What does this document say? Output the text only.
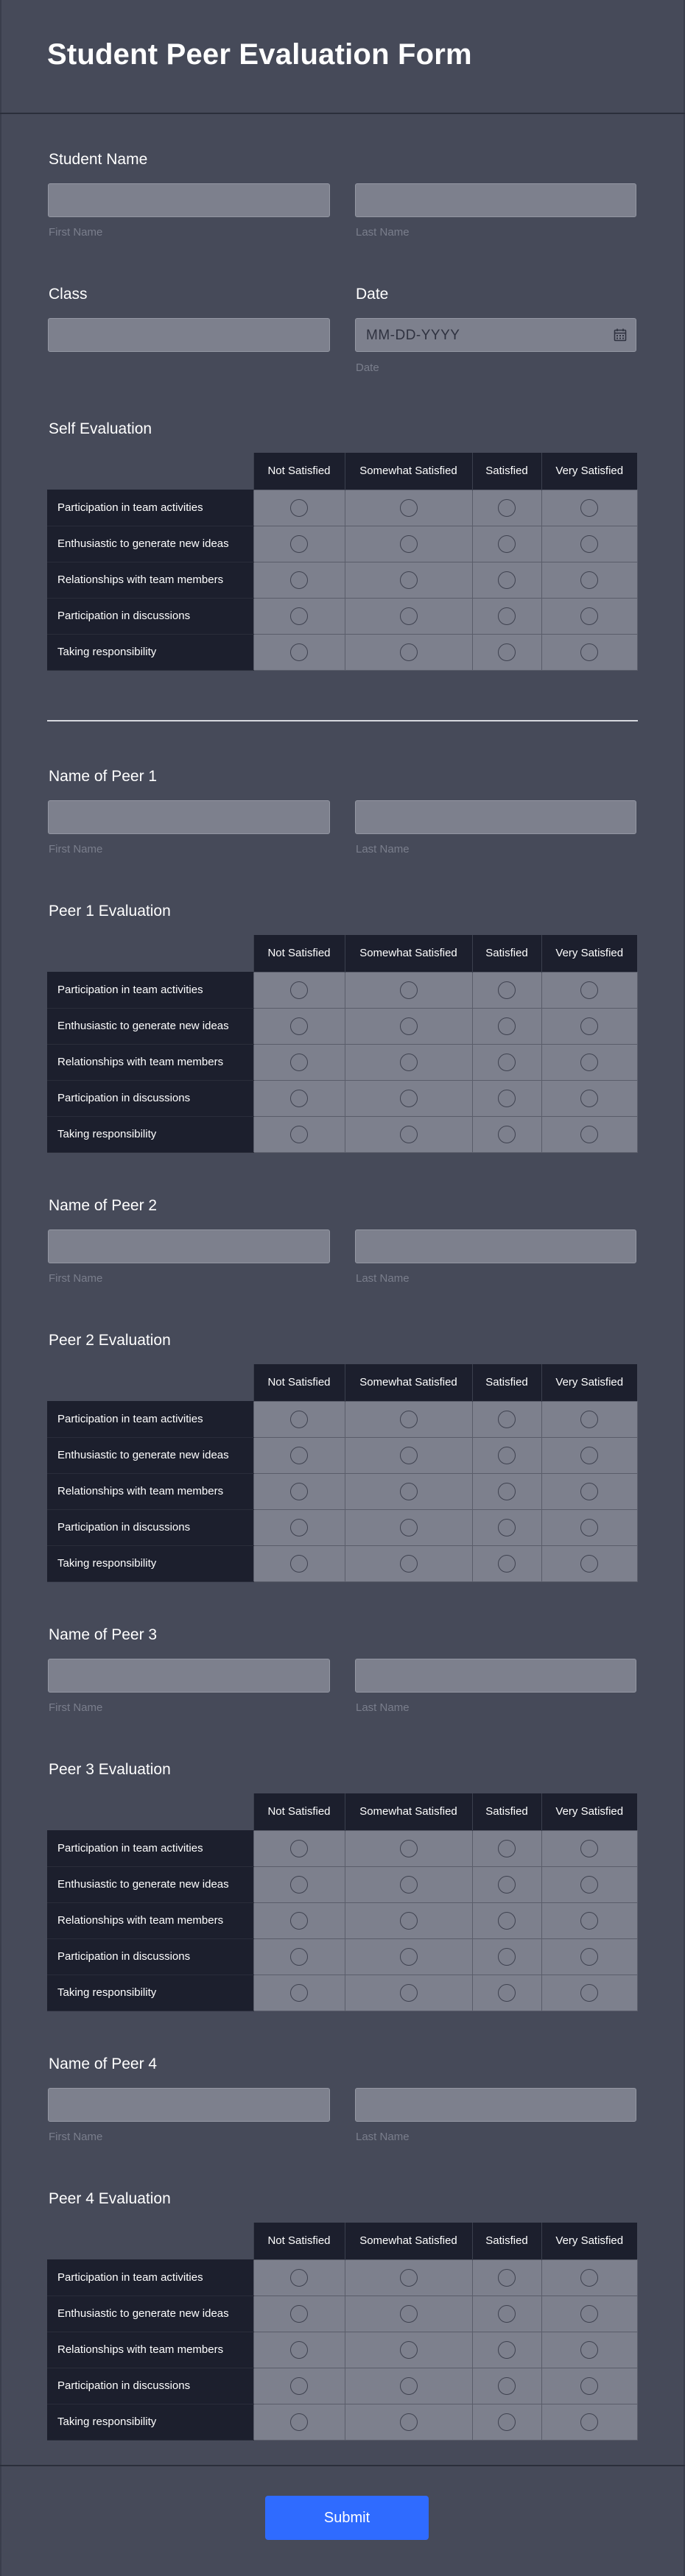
Student Peer Evaluation Form
Student Name
First Name	Last Name
Class	Date
MM-DD-YYYY
Date
Self Evaluation
	Not Satisfied	Somewhat Satisfied	Satisfied	Very Satisfied
Participation in team activities				
Enthusiastic to generate new ideas				
Relationships with team members				
Participation in discussions				
Taking responsibility				
Name of Peer 1
First Name	Last Name
Peer 1 Evaluation
	Not Satisfied	Somewhat Satisfied	Satisfied	Very Satisfied
Participation in team activities				
Enthusiastic to generate new ideas				
Relationships with team members				
Participation in discussions				
Taking responsibility				
Name of Peer 2
First Name	Last Name
Peer 2 Evaluation
	Not Satisfied	Somewhat Satisfied	Satisfied	Very Satisfied
Participation in team activities				
Enthusiastic to generate new ideas				
Relationships with team members				
Participation in discussions				
Taking responsibility				
Name of Peer 3
First Name	Last Name
Peer 3 Evaluation
	Not Satisfied	Somewhat Satisfied	Satisfied	Very Satisfied
Participation in team activities				
Enthusiastic to generate new ideas				
Relationships with team members				
Participation in discussions				
Taking responsibility				
Name of Peer 4
First Name	Last Name
Peer 4 Evaluation
	Not Satisfied	Somewhat Satisfied	Satisfied	Very Satisfied
Participation in team activities				
Enthusiastic to generate new ideas				
Relationships with team members				
Participation in discussions				
Taking responsibility				
Submit
